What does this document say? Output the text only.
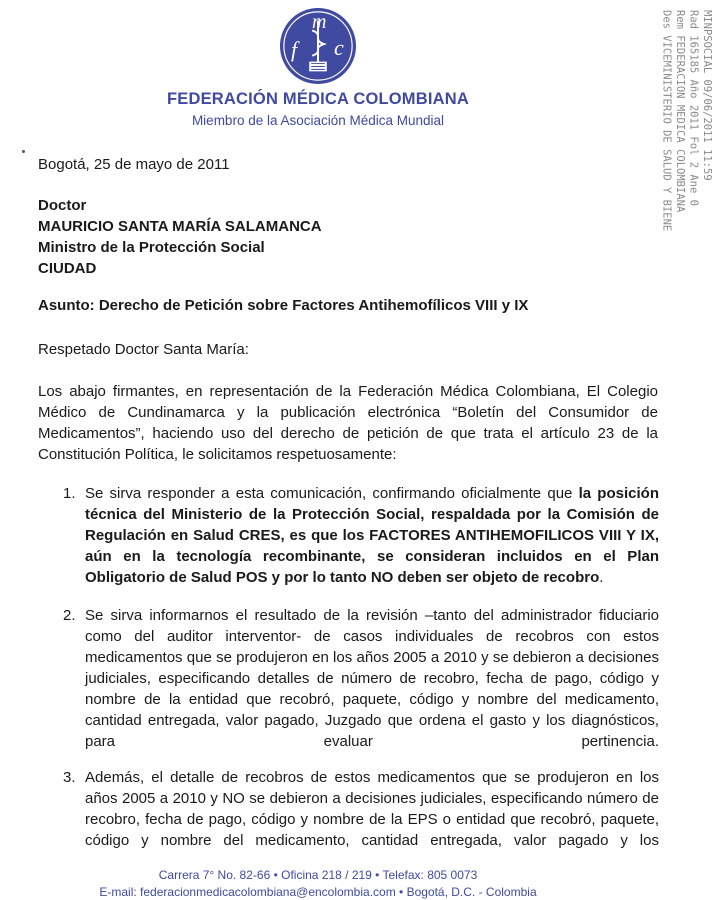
m
f c
FEDERACIÓN MÉDICA COLOMBIANA
Miembro de la Asociación Médica Mundial	MINPSOCIAL 09/06/2011 11:59
Rad 165185 Año 2011 Fol 2 Ane 0
Rem FEDERACION MEDICA COLOMBIANA
Des VICEMINISTERIO DE SALUD Y BIENE
Bogotá, 25 de mayo de 2011
Doctor
MAURICIO SANTA MARÍA SALAMANCA
Ministro de la Protección Social
CIUDAD
Asunto: Derecho de Petición sobre Factores Antihemofílicos VIII y IX
Respetado Doctor Santa María:
Los abajo firmantes, en representación de la Federación Médica Colombiana, El Colegio Médico de Cundinamarca y la publicación electrónica “Boletín del Consumidor de Medicamentos”, haciendo uso del derecho de petición de que trata el artículo 23 de la Constitución Política, le solicitamos respetuosamente:
1. Se sirva responder a esta comunicación, confirmando oficialmente que la posición técnica del Ministerio de la Protección Social, respaldada por la Comisión de Regulación en Salud CRES, es que los FACTORES ANTIHEMOFILICOS VIII Y IX, aún en la tecnología recombinante, se consideran incluidos en el Plan Obligatorio de Salud POS y por lo tanto NO deben ser objeto de recobro.
2. Se sirva informarnos el resultado de la revisión –tanto del administrador fiduciario como del auditor interventor- de casos individuales de recobros con estos medicamentos que se produjeron en los años 2005 a 2010 y se debieron a decisiones judiciales, especificando detalles de número de recobro, fecha de pago, código y nombre de la entidad que recobró, paquete, código y nombre del medicamento, cantidad entregada, valor pagado, Juzgado que ordena el gasto y los diagnósticos, para evaluar pertinencia.
3. Además, el detalle de recobros de estos medicamentos que se produjeron en los años 2005 a 2010 y NO se debieron a decisiones judiciales, especificando número de recobro, fecha de pago, código y nombre de la EPS o entidad que recobró, paquete, código y nombre del medicamento, cantidad entregada, valor pagado y los
Carrera 7° No. 82-66 • Oficina 218 / 219 • Telefax: 805 0073
E-mail: federacionmedicacolombiana@encolombia.com • Bogotá, D.C. - Colombia
